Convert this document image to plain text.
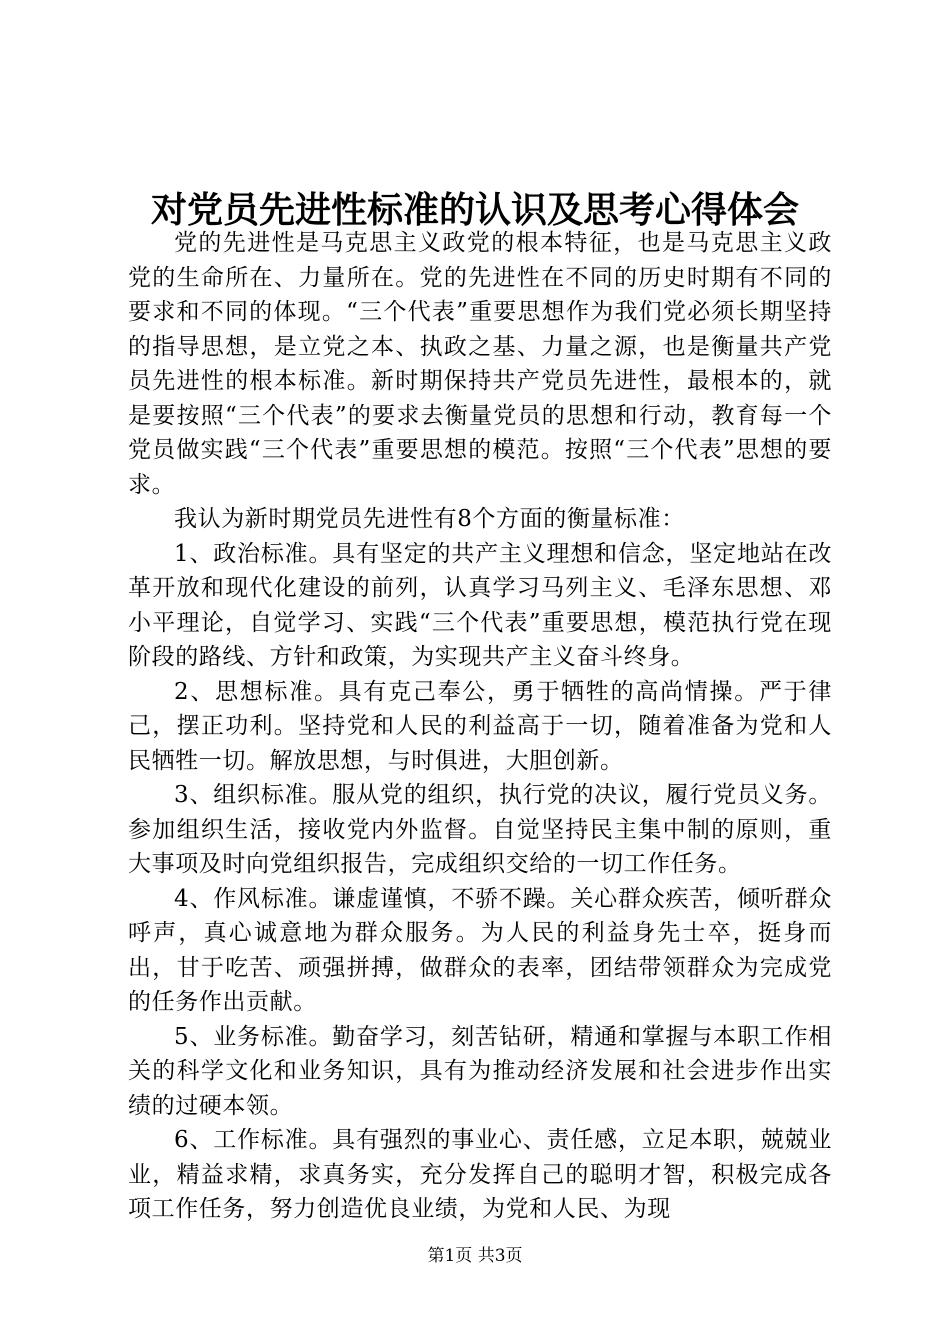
对党员先进性标准的认识及思考心得体会

党的先进性是马克思主义政党的根本特征，也是马克思主义政党的生命所在、力量所在。党的先进性在不同的历史时期有不同的要求和不同的体现。“三个代表”重要思想作为我们党必须长期坚持的指导思想，是立党之本、执政之基、力量之源，也是衡量共产党员先进性的根本标准。新时期保持共产党员先进性，最根本的，就是要按照“三个代表”的要求去衡量党员的思想和行动，教育每一个党员做实践“三个代表”重要思想的模范。按照“三个代表”思想的要求。

我认为新时期党员先进性有8个方面的衡量标准：

1、政治标准。具有坚定的共产主义理想和信念，坚定地站在改革开放和现代化建设的前列，认真学习马列主义、毛泽东思想、邓小平理论，自觉学习、实践“三个代表”重要思想，模范执行党在现阶段的路线、方针和政策，为实现共产主义奋斗终身。

2、思想标准。具有克己奉公，勇于牺牲的高尚情操。严于律己，摆正功利。坚持党和人民的利益高于一切，随着准备为党和人民牺牲一切。解放思想，与时俱进，大胆创新。

3、组织标准。服从党的组织，执行党的决议，履行党员义务。参加组织生活，接收党内外监督。自觉坚持民主集中制的原则，重大事项及时向党组织报告，完成组织交给的一切工作任务。

4、作风标准。谦虚谨慎，不骄不躁。关心群众疾苦，倾听群众呼声，真心诚意地为群众服务。为人民的利益身先士卒，挺身而出，甘于吃苦、顽强拼搏，做群众的表率，团结带领群众为完成党的任务作出贡献。

5、业务标准。勤奋学习，刻苦钻研，精通和掌握与本职工作相关的科学文化和业务知识，具有为推动经济发展和社会进步作出实绩的过硬本领。

6、工作标准。具有强烈的事业心、责任感，立足本职，兢兢业业，精益求精，求真务实，充分发挥自己的聪明才智，积极完成各项工作任务，努力创造优良业绩，为党和人民、为现

第1页 共3页
